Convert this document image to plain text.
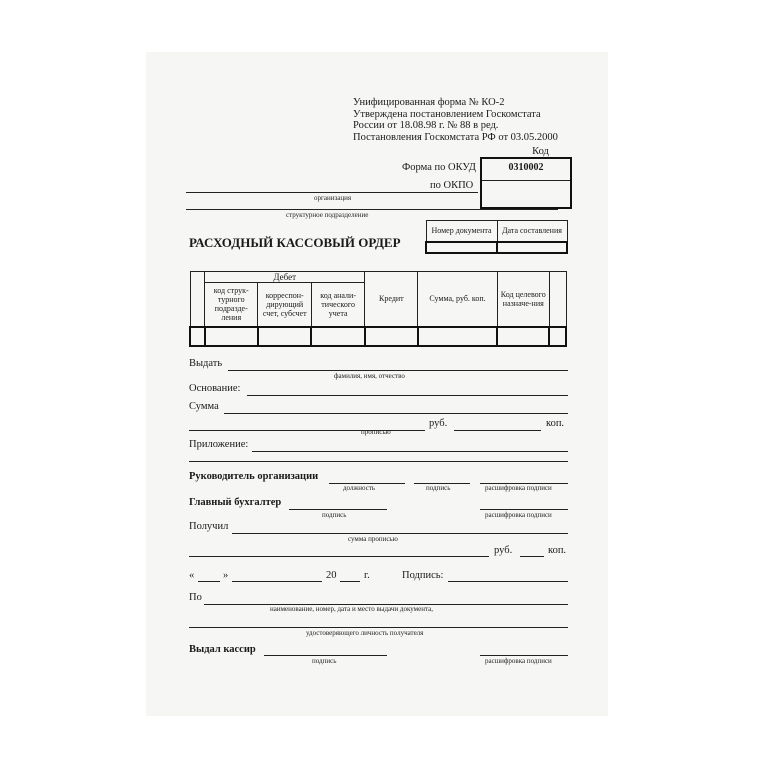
Унифицированная форма № КО-2
Утверждена постановлением Госкомстата
России от 18.08.98 г. № 88 в ред.
Постановления Госкомстата РФ от 03.05.2000
Код
0310002
Форма по ОКУД
по ОКПО
организация
структурное подразделение
РАСХОДНЫЙ КАССОВЫЙ ОРДЕР
Номер документа	Дата составления

	Дебет			Кредит	Сумма, руб. коп.	Код целевого назначе-ния	
	код струк-турного подразде-ления	корреспон-дирующий счет, субсчет	код анали-тического учета				

Выдать
фамилия, имя, отчество
Основание:
Сумма
руб.	коп.
прописью
Приложение:
Руководитель организации
должность	подпись	расшифровка подписи
Главный бухгалтер
подпись	расшифровка подписи
Получил
сумма прописью
руб.	коп.
«	»	20	г.	Подпись:
По
наименование, номер, дата и место выдачи документа,
удостоверяющего личность получателя
Выдал кассир
подпись	расшифровка подписи
